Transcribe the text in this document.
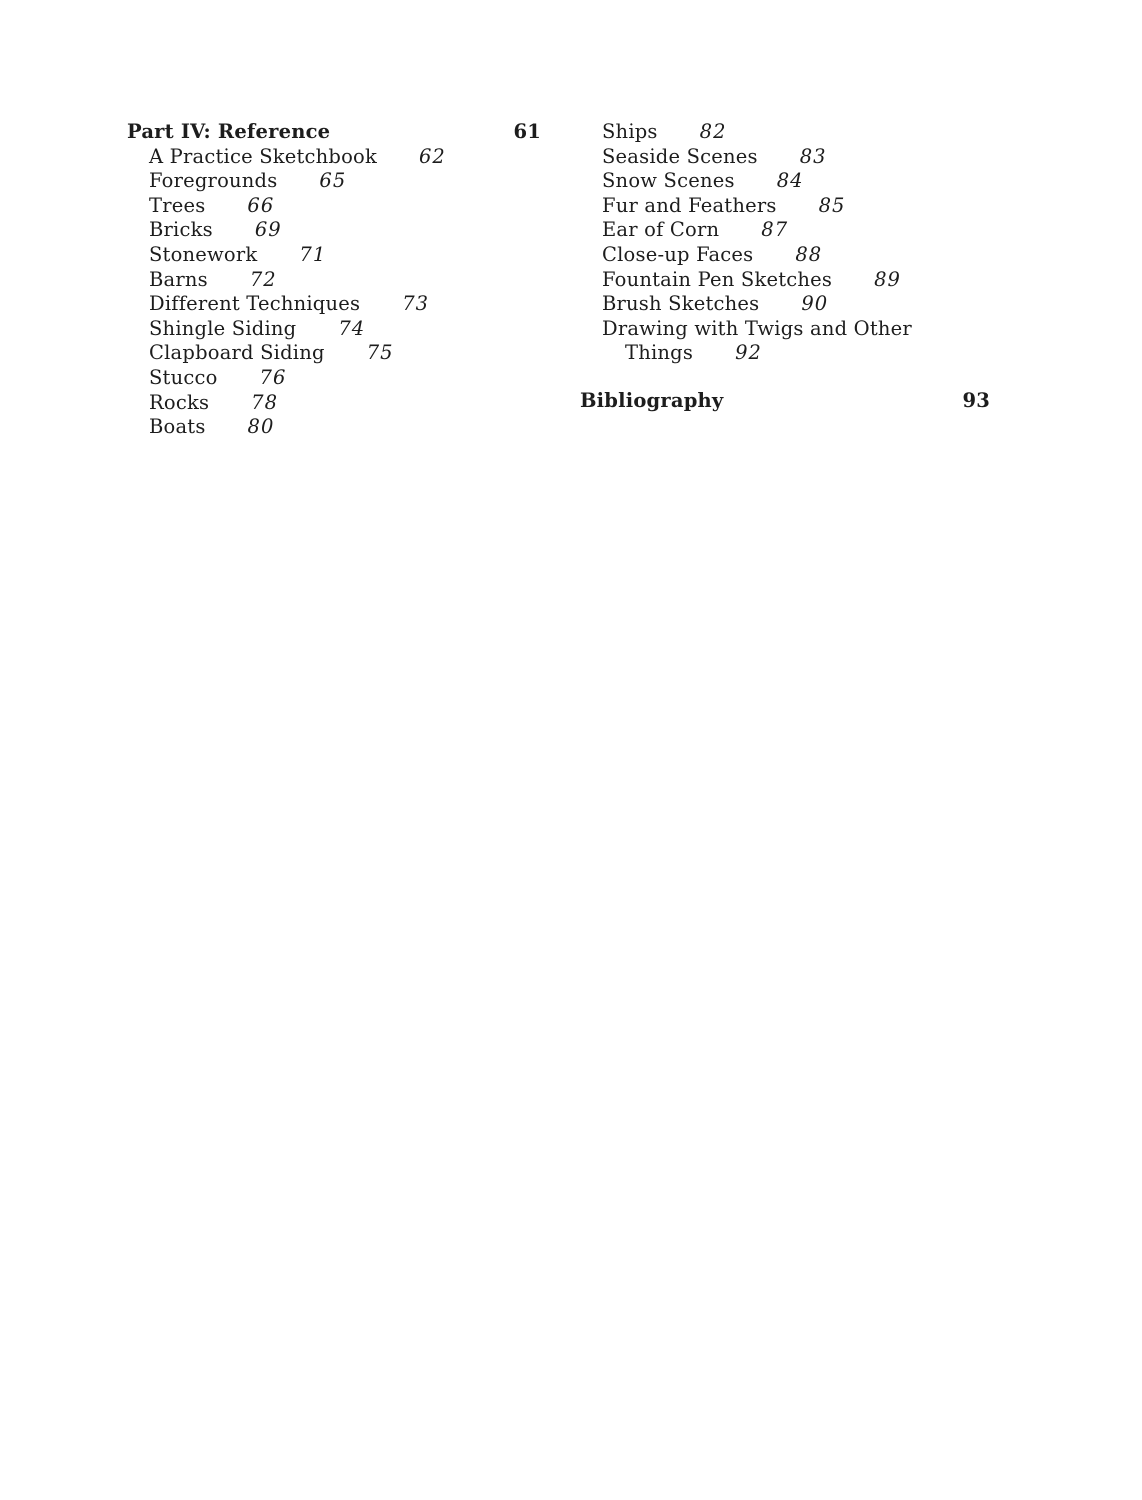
Part IV: Reference	61
A Practice Sketchbook 62
Foregrounds 65
Trees 66
Bricks 69
Stonework 71
Barns 72
Different Techniques 73
Shingle Siding 74
Clapboard Siding 75
Stucco 76
Rocks 78
Boats 80
Ships 82
Seaside Scenes 83
Snow Scenes 84
Fur and Feathers 85
Ear of Corn 87
Close-up Faces 88
Fountain Pen Sketches 89
Brush Sketches 90
Drawing with Twigs and Other
Things 92
Bibliography	93
